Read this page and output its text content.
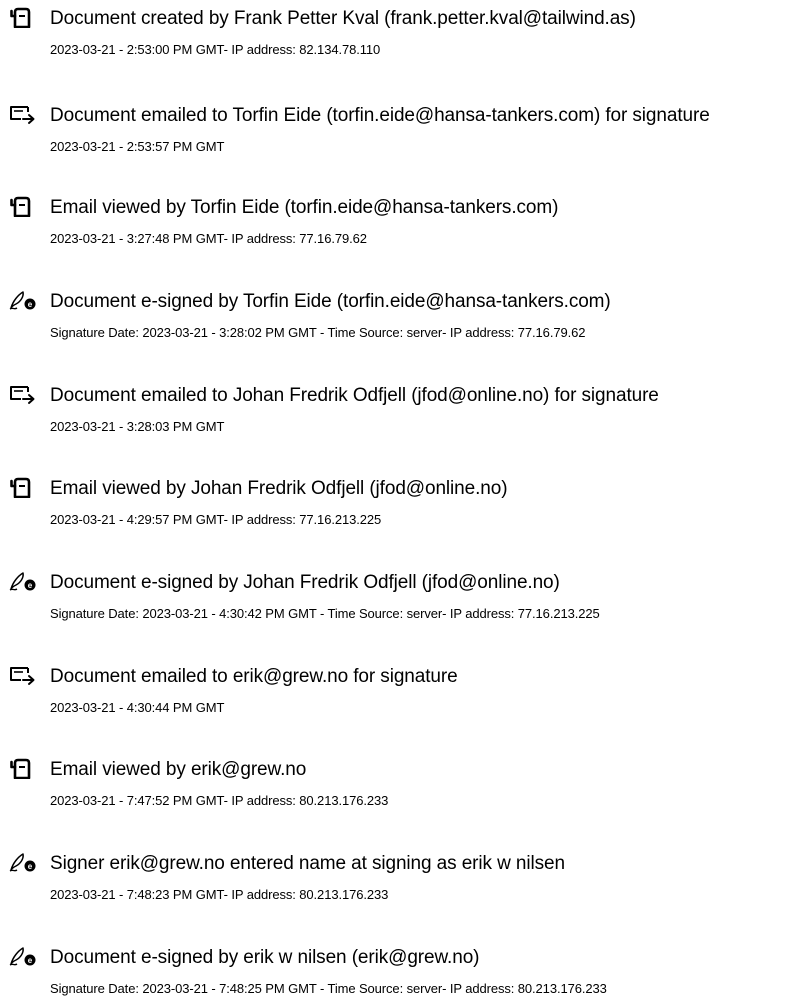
Document created by Frank Petter Kval (frank.petter.kval@tailwind.as)
2023-03-21 - 2:53:00 PM GMT- IP address: 82.134.78.110
Document emailed to Torfin Eide (torfin.eide@hansa-tankers.com) for signature
2023-03-21 - 2:53:57 PM GMT
Email viewed by Torfin Eide (torfin.eide@hansa-tankers.com)
2023-03-21 - 3:27:48 PM GMT- IP address: 77.16.79.62
e Document e-signed by Torfin Eide (torfin.eide@hansa-tankers.com)
Signature Date: 2023-03-21 - 3:28:02 PM GMT - Time Source: server- IP address: 77.16.79.62
Document emailed to Johan Fredrik Odfjell (jfod@online.no) for signature
2023-03-21 - 3:28:03 PM GMT
Email viewed by Johan Fredrik Odfjell (jfod@online.no)
2023-03-21 - 4:29:57 PM GMT- IP address: 77.16.213.225
e Document e-signed by Johan Fredrik Odfjell (jfod@online.no)
Signature Date: 2023-03-21 - 4:30:42 PM GMT - Time Source: server- IP address: 77.16.213.225
Document emailed to erik@grew.no for signature
2023-03-21 - 4:30:44 PM GMT
Email viewed by erik@grew.no
2023-03-21 - 7:47:52 PM GMT- IP address: 80.213.176.233
e Signer erik@grew.no entered name at signing as erik w nilsen
2023-03-21 - 7:48:23 PM GMT- IP address: 80.213.176.233
e Document e-signed by erik w nilsen (erik@grew.no)
Signature Date: 2023-03-21 - 7:48:25 PM GMT - Time Source: server- IP address: 80.213.176.233
